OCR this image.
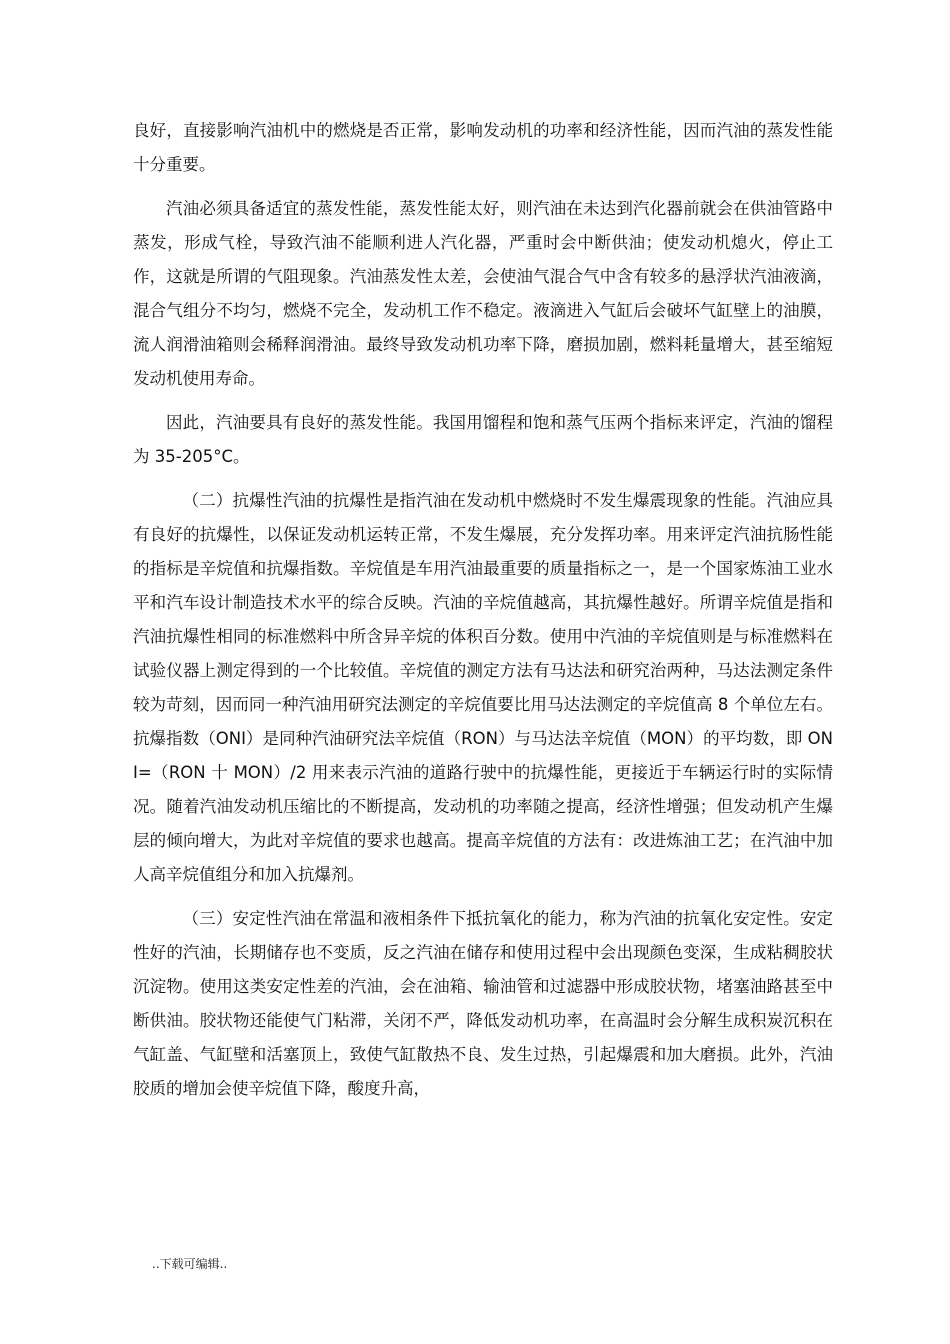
良好，直接影响汽油机中的燃烧是否正常，影响发动机的功率和经济性能，因而汽油的蒸发性能十分重要。

汽油必须具备适宜的蒸发性能，蒸发性能太好，则汽油在未达到汽化器前就会在供油管路中蒸发，形成气栓，导致汽油不能顺利进人汽化器，严重时会中断供油；使发动机熄火，停止工作，这就是所谓的气阻现象。汽油蒸发性太差，会使油气混合气中含有较多的悬浮状汽油液滴，混合气组分不均匀，燃烧不完全，发动机工作不稳定。液滴进入气缸后会破坏气缸壁上的油膜，流人润滑油箱则会稀释润滑油。最终导致发动机功率下降，磨损加剧，燃料耗量增大，甚至缩短发动机使用寿命。

因此，汽油要具有良好的蒸发性能。我国用馏程和饱和蒸气压两个指标来评定，汽油的馏程为 35-205°C。

（二）抗爆性汽油的抗爆性是指汽油在发动机中燃烧时不发生爆震现象的性能。汽油应具有良好的抗爆性，以保证发动机运转正常，不发生爆展，充分发挥功率。用来评定汽油抗肠性能的指标是辛烷值和抗爆指数。辛烷值是车用汽油最重要的质量指标之一，是一个国家炼油工业水平和汽车设计制造技术水平的综合反映。汽油的辛烷值越高，其抗爆性越好。所谓辛烷值是指和汽油抗爆性相同的标准燃料中所含异辛烷的体积百分数。使用中汽油的辛烷值则是与标准燃料在试验仪器上测定得到的一个比较值。辛烷值的测定方法有马达法和研究治两种，马达法测定条件较为苛刻，因而同一种汽油用研究法测定的辛烷值要比用马达法测定的辛烷值高 8 个单位左右。抗爆指数（ONI）是同种汽油研究法辛烷值（RON）与马达法辛烷值（MON）的平均数，即 ONI=（RON 十 MON）/2 用来表示汽油的道路行驶中的抗爆性能，更接近于车辆运行时的实际情况。随着汽油发动机压缩比的不断提高，发动机的功率随之提高，经济性增强；但发动机产生爆层的倾向增大，为此对辛烷值的要求也越高。提高辛烷值的方法有：改进炼油工艺；在汽油中加人高辛烷值组分和加入抗爆剂。

（三）安定性汽油在常温和液相条件下抵抗氧化的能力，称为汽油的抗氧化安定性。安定性好的汽油，长期储存也不变质，反之汽油在储存和使用过程中会出现颜色变深，生成粘稠胶状沉淀物。使用这类安定性差的汽油，会在油箱、输油管和过滤器中形成胶状物，堵塞油路甚至中断供油。胶状物还能使气门粘滞，关闭不严，降低发动机功率，在高温时会分解生成积炭沉积在气缸盖、气缸壁和活塞顶上，致使气缸散热不良、发生过热，引起爆震和加大磨损。此外，汽油胶质的增加会使辛烷值下降，酸度升高，

..下载可编辑..
